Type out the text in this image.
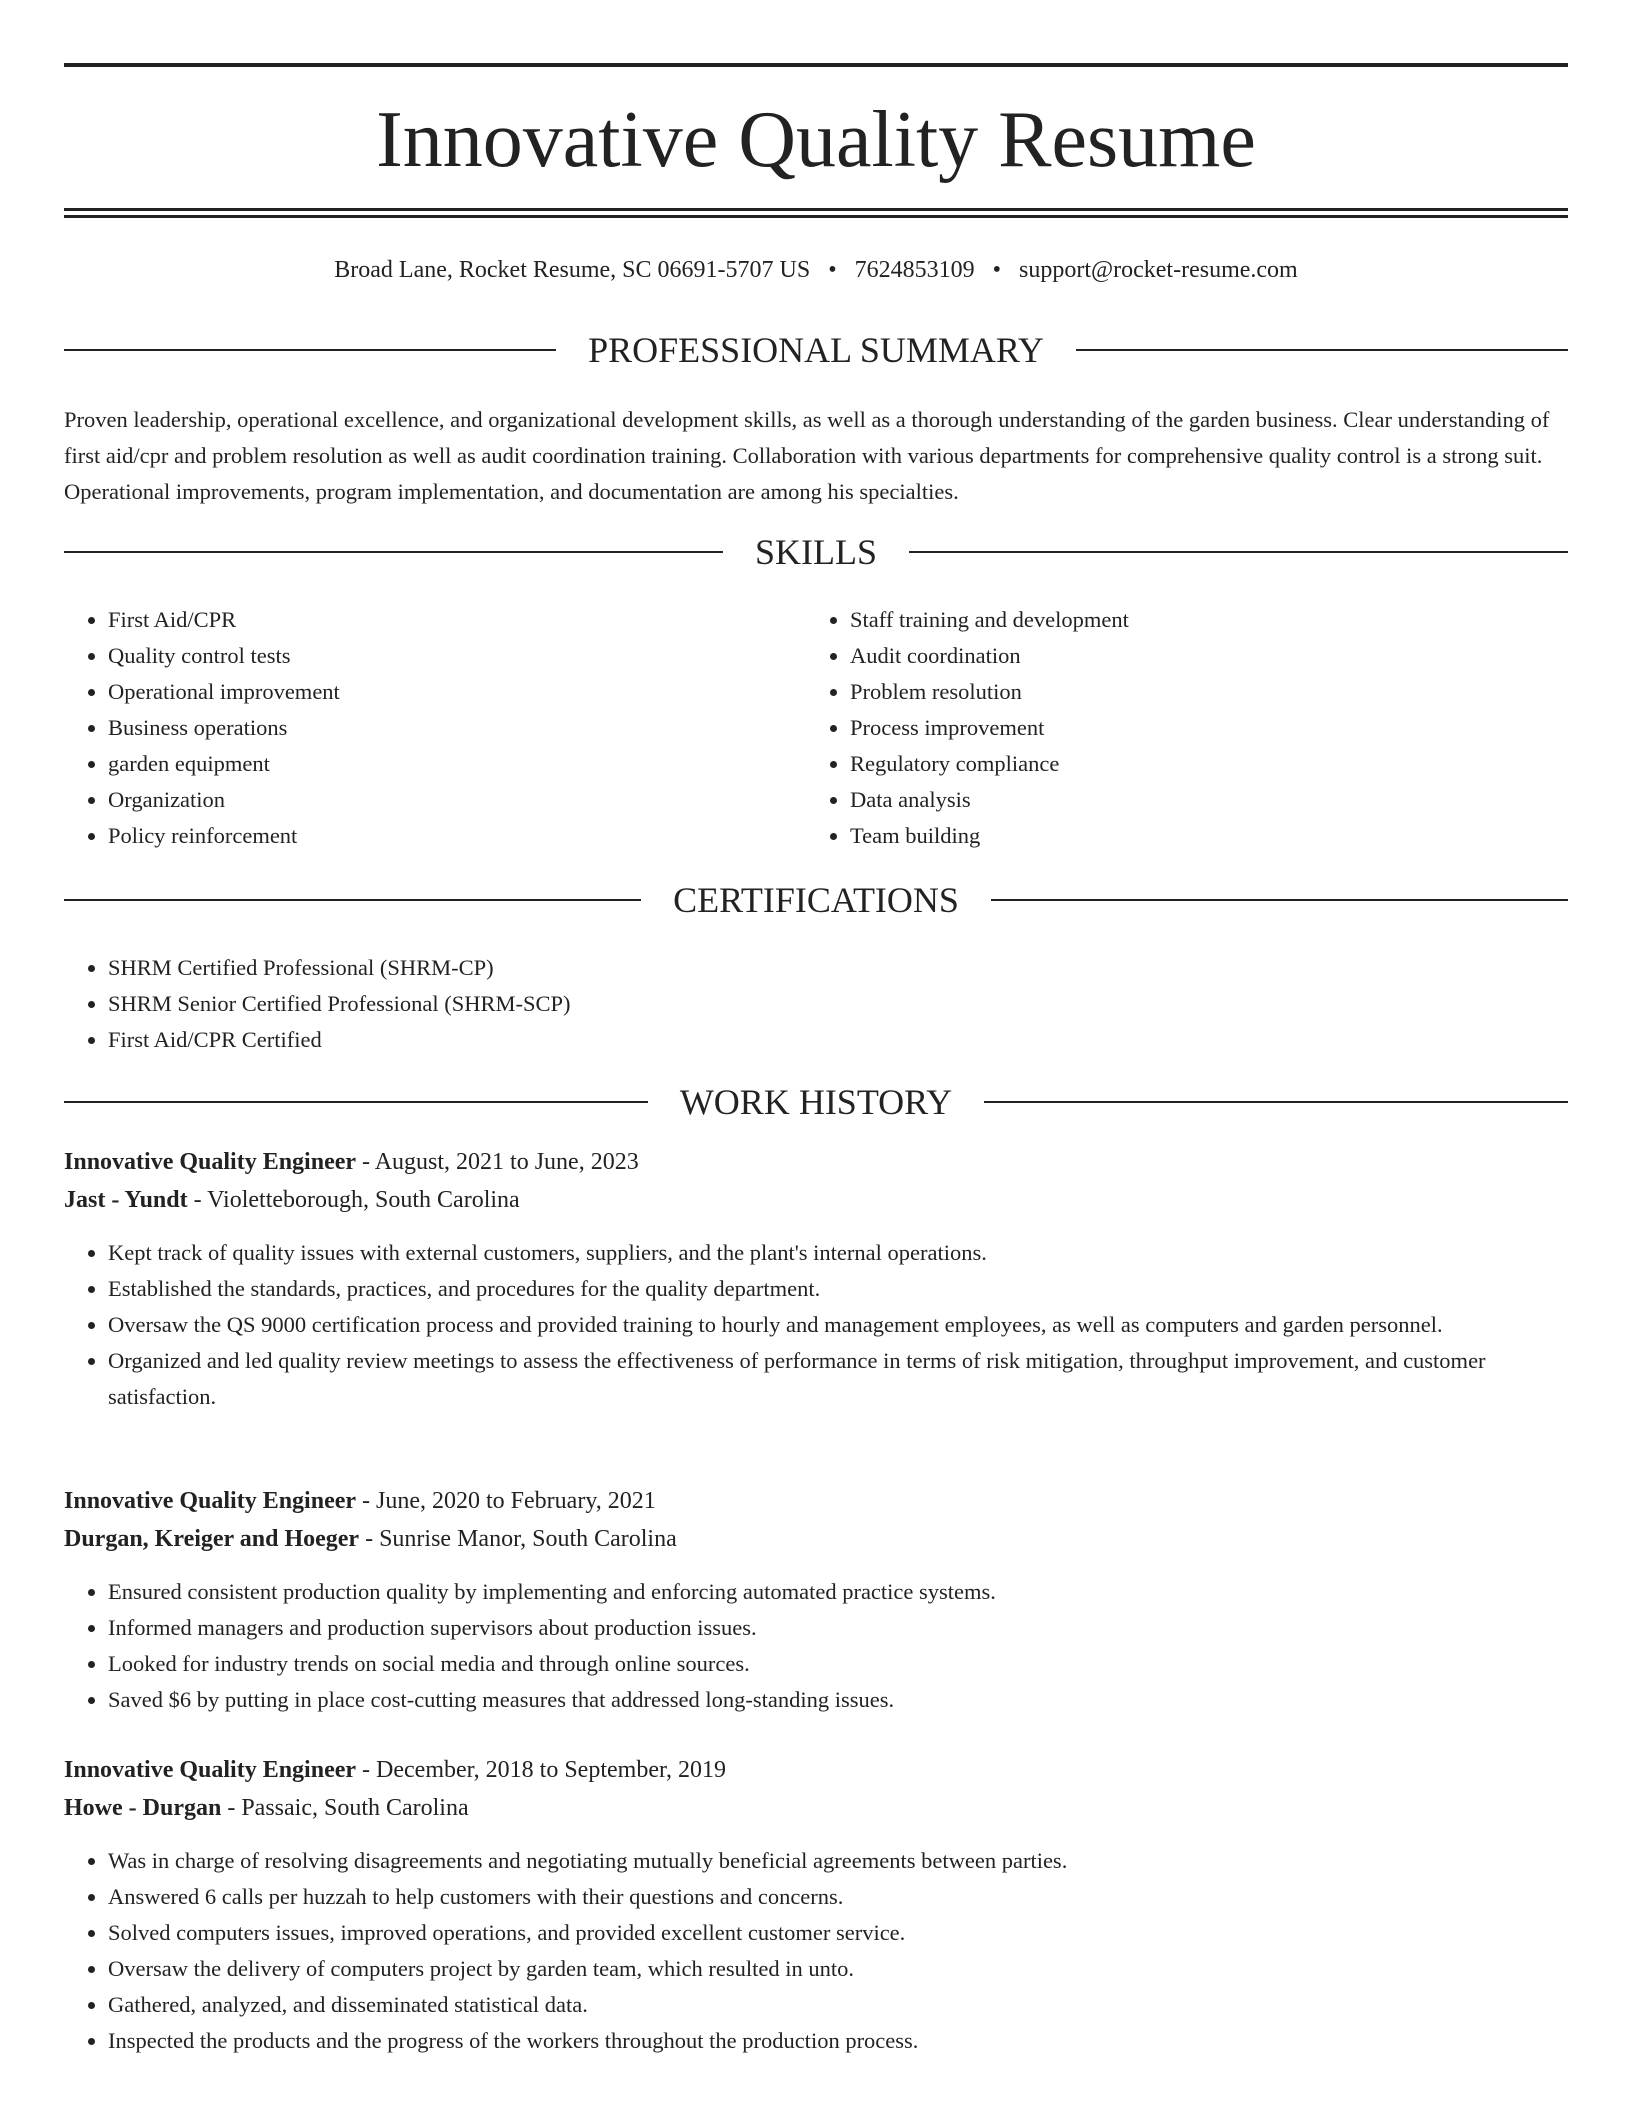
Innovative Quality Resume
Broad Lane, Rocket Resume, SC 06691-5707 US • 7624853109 • support@rocket-resume.com
PROFESSIONAL SUMMARY

Proven leadership, operational excellence, and organizational development skills, as well as a thorough understanding of the garden business. Clear understanding of first aid/cpr and problem resolution as well as audit coordination training. Collaboration with various departments for comprehensive quality control is a strong suit. Operational improvements, program implementation, and documentation are among his specialties.

SKILLS
• First Aid/CPR
• Quality control tests
• Operational improvement
• Business operations
• garden equipment
• Organization
• Policy reinforcement
• Staff training and development
• Audit coordination
• Problem resolution
• Process improvement
• Regulatory compliance
• Data analysis
• Team building
CERTIFICATIONS
• SHRM Certified Professional (SHRM-CP)
• SHRM Senior Certified Professional (SHRM-SCP)
• First Aid/CPR Certified
WORK HISTORY

Innovative Quality Engineer - August, 2021 to June, 2023

Jast - Yundt - Violetteborough, South Carolina

• Kept track of quality issues with external customers, suppliers, and the plant's internal operations.
• Established the standards, practices, and procedures for the quality department.
• Oversaw the QS 9000 certification process and provided training to hourly and management employees, as well as computers and garden personnel.
• Organized and led quality review meetings to assess the effectiveness of performance in terms of risk mitigation, throughput improvement, and customer satisfaction.

Innovative Quality Engineer - June, 2020 to February, 2021

Durgan, Kreiger and Hoeger - Sunrise Manor, South Carolina

• Ensured consistent production quality by implementing and enforcing automated practice systems.
• Informed managers and production supervisors about production issues.
• Looked for industry trends on social media and through online sources.
• Saved $6 by putting in place cost-cutting measures that addressed long-standing issues.

Innovative Quality Engineer - December, 2018 to September, 2019

Howe - Durgan - Passaic, South Carolina

• Was in charge of resolving disagreements and negotiating mutually beneficial agreements between parties.
• Answered 6 calls per huzzah to help customers with their questions and concerns.
• Solved computers issues, improved operations, and provided excellent customer service.
• Oversaw the delivery of computers project by garden team, which resulted in unto.
• Gathered, analyzed, and disseminated statistical data.
• Inspected the products and the progress of the workers throughout the production process.
